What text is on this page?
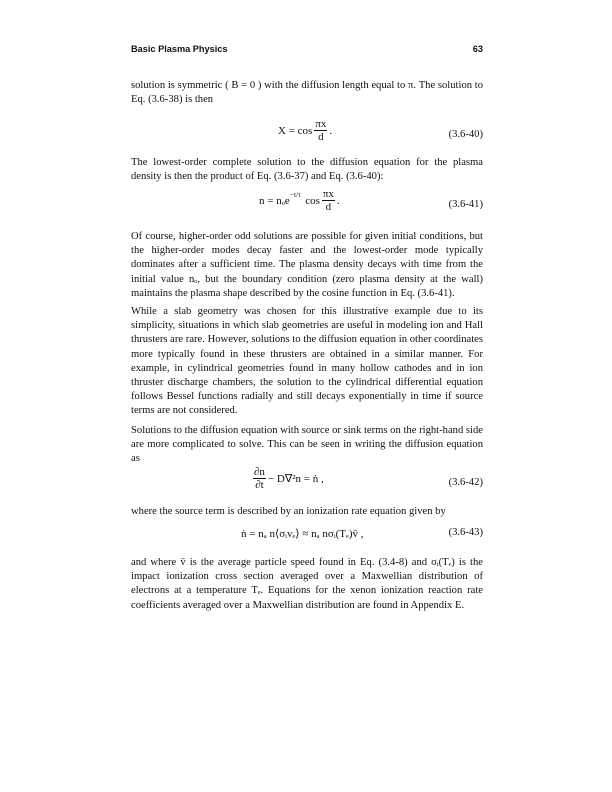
Basic Plasma Physics	63
solution is symmetric ( B = 0 ) with the diffusion length equal to π. The solution to Eq. (3.6-38) is then
$X = \cos \frac{\pi x}{d}$ .	(3.6-40)
The lowest-order complete solution to the diffusion equation for the plasma density is then the product of Eq. (3.6-37) and Eq. (3.6-40):
n = nₒe$^{-t/\tau}$ $\cos \frac{\pi x}{d}$ .	(3.6-41)
Of course, higher-order odd solutions are possible for given initial conditions, but the higher-order modes decay faster and the lowest-order mode typically dominates after a sufficient time. The plasma density decays with time from the initial value nₒ, but the boundary condition (zero plasma density at the wall) maintains the plasma shape described by the cosine function in Eq. (3.6-41).
While a slab geometry was chosen for this illustrative example due to its simplicity, situations in which slab geometries are useful in modeling ion and Hall thrusters are rare. However, solutions to the diffusion equation in other coordinates more typically found in these thrusters are obtained in a similar manner. For example, in cylindrical geometries found in many hollow cathodes and in ion thruster discharge chambers, the solution to the cylindrical differential equation follows Bessel functions radially and still decays exponentially in time if source terms are not considered.
Solutions to the diffusion equation with source or sink terms on the right-hand side are more complicated to solve. This can be seen in writing the diffusion equation as
$\frac{\partial n}{\partial t} - D\nabla^2n$ = ṅ ,	(3.6-42)
where the source term is described by an ionization rate equation given by
ṅ = nₐ n⟨σᵢvₑ⟩ ≈ nₐ nσᵢ(Tₑ)v̄ ,	(3.6-43)
and where v̄ is the average particle speed found in Eq. (3.4-8) and σᵢ(Tₑ) is the impact ionization cross section averaged over a Maxwellian distribution of electrons at a temperature Tₑ. Equations for the xenon ionization reaction rate coefficients averaged over a Maxwellian distribution are found in Appendix E.
